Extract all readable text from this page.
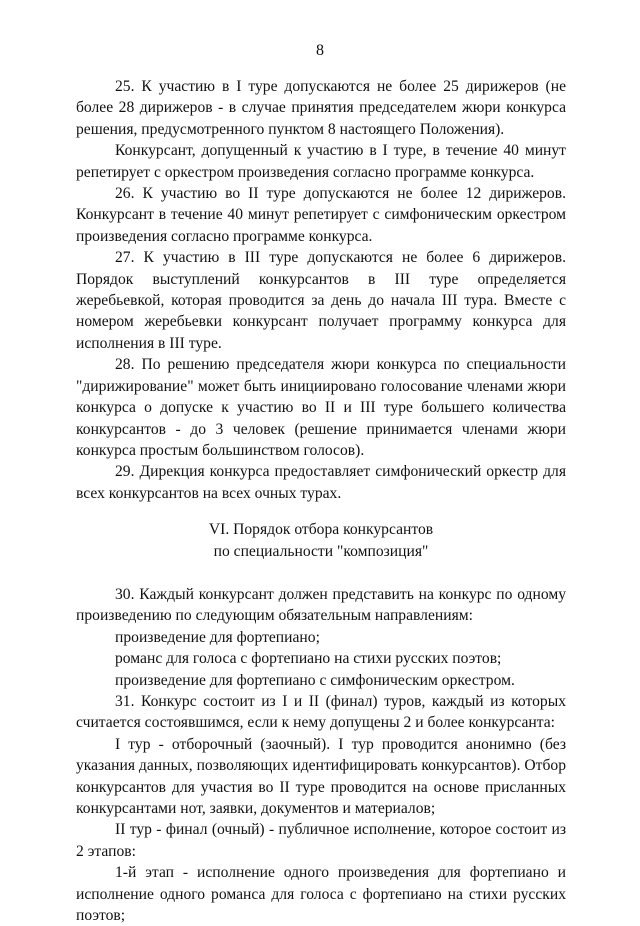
8

25. К участию в I туре допускаются не более 25 дирижеров (не более 28 дирижеров - в случае принятия председателем жюри конкурса решения, предусмотренного пунктом 8 настоящего Положения).

Конкурсант, допущенный к участию в I туре, в течение 40 минут репетирует с оркестром произведения согласно программе конкурса.

26. К участию во II туре допускаются не более 12 дирижеров. Конкурсант в течение 40 минут репетирует с симфоническим оркестром произведения согласно программе конкурса.

27. К участию в III туре допускаются не более 6 дирижеров. Порядок выступлений конкурсантов в III туре определяется жеребьевкой, которая проводится за день до начала III тура. Вместе с номером жеребьевки конкурсант получает программу конкурса для исполнения в III туре.

28. По решению председателя жюри конкурса по специальности "дирижирование" может быть инициировано голосование членами жюри конкурса о допуске к участию во II и III туре большего количества конкурсантов - до 3 человек (решение принимается членами жюри конкурса простым большинством голосов).

29. Дирекция конкурса предоставляет симфонический оркестр для всех конкурсантов на всех очных турах.

VI. Порядок отбора конкурсантов

по специальности "композиция"

30. Каждый конкурсант должен представить на конкурс по одному произведению по следующим обязательным направлениям:

произведение для фортепиано;

романс для голоса с фортепиано на стихи русских поэтов;

произведение для фортепиано с симфоническим оркестром.

31. Конкурс состоит из I и II (финал) туров, каждый из которых считается состоявшимся, если к нему допущены 2 и более конкурсанта:

I тур - отборочный (заочный). I тур проводится анонимно (без указания данных, позволяющих идентифицировать конкурсантов). Отбор конкурсантов для участия во II туре проводится на основе присланных конкурсантами нот, заявки, документов и материалов;

II тур - финал (очный) - публичное исполнение, которое состоит из 2 этапов:

1-й этап - исполнение одного произведения для фортепиано и исполнение одного романса для голоса с фортепиано на стихи русских поэтов;
